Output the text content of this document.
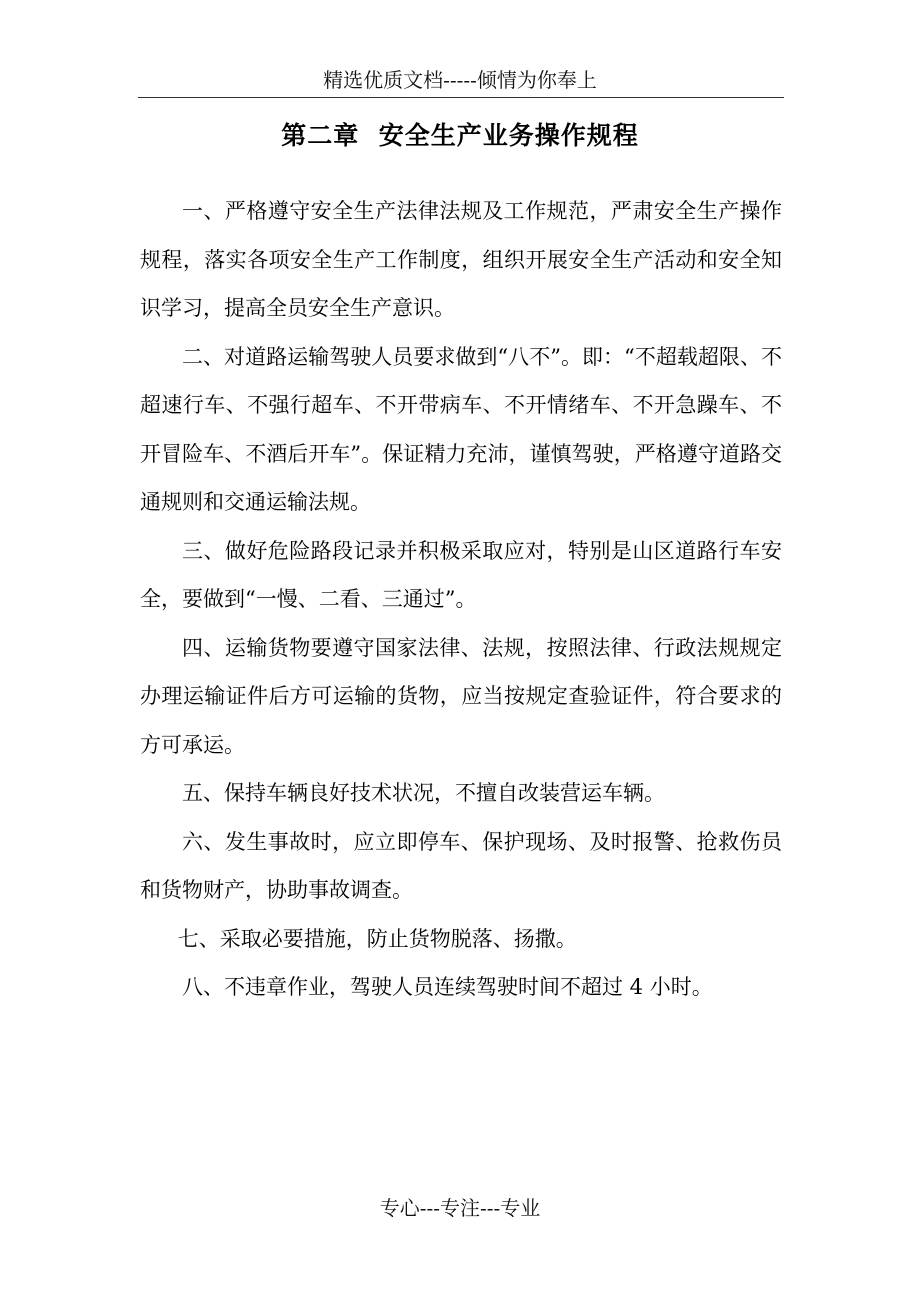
精选优质文档-----倾情为你奉上
第二章  安全生产业务操作规程

一、严格遵守安全生产法律法规及工作规范，严肃安全生产操作规程，落实各项安全生产工作制度，组织开展安全生产活动和安全知识学习，提高全员安全生产意识。

二、对道路运输驾驶人员要求做到“八不”。即：“不超载超限、不超速行车、不强行超车、不开带病车、不开情绪车、不开急躁车、不开冒险车、不酒后开车”。保证精力充沛，谨慎驾驶，严格遵守道路交通规则和交通运输法规。

三、做好危险路段记录并积极采取应对，特别是山区道路行车安全，要做到“一慢、二看、三通过”。

四、运输货物要遵守国家法律、法规，按照法律、行政法规规定办理运输证件后方可运输的货物，应当按规定查验证件，符合要求的方可承运。

五、保持车辆良好技术状况，不擅自改装营运车辆。

六、发生事故时，应立即停车、保护现场、及时报警、抢救伤员和货物财产，协助事故调查。

七、采取必要措施，防止货物脱落、扬撒。

八、不违章作业，驾驶人员连续驾驶时间不超过 4 小时。

专心---专注---专业
